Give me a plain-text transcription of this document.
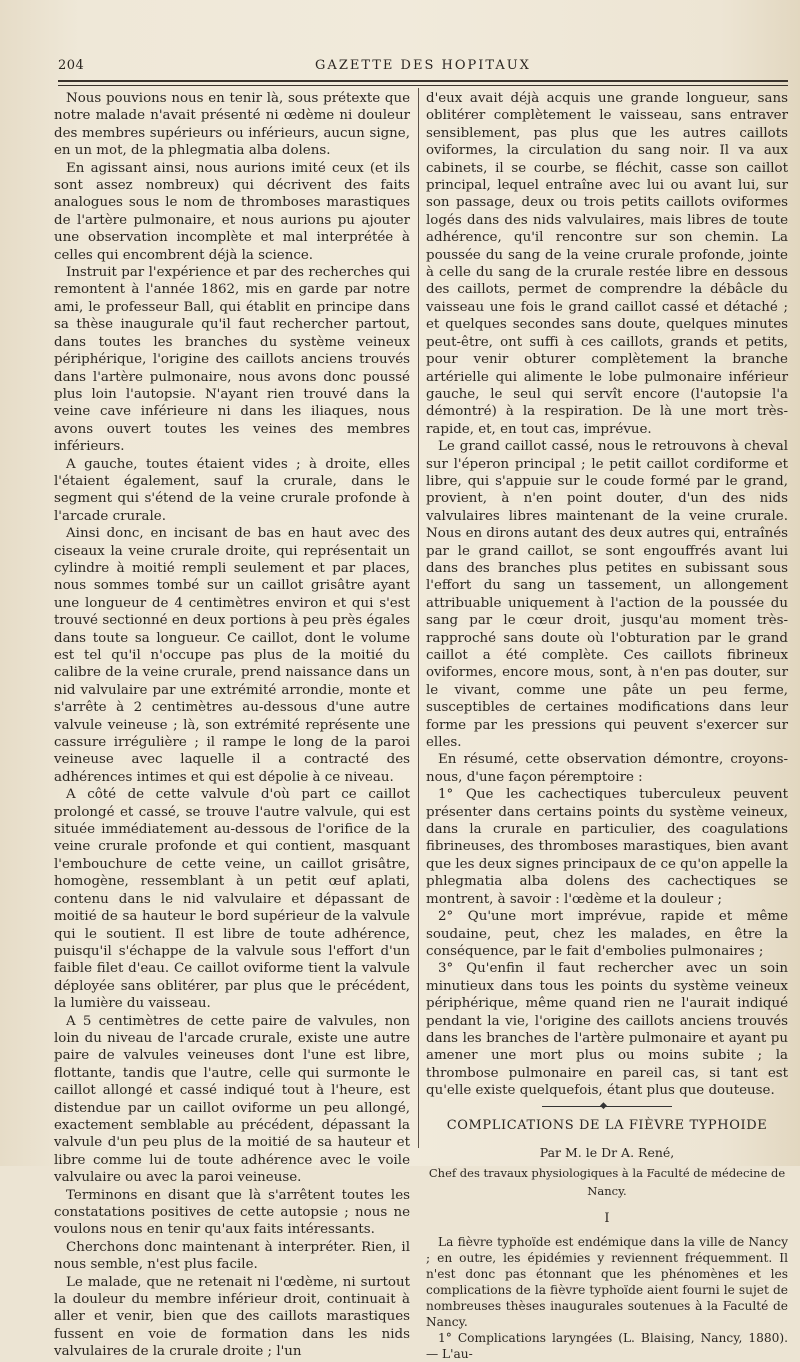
204	GAZETTE DES HOPITAUX

Nous pouvions nous en tenir là, sous prétexte que notre malade n'avait présenté ni œdème ni douleur des membres supérieurs ou inférieurs, aucun signe, en un mot, de la phlegmatia alba dolens.

En agissant ainsi, nous aurions imité ceux (et ils sont assez nombreux) qui décrivent des faits analogues sous le nom de thromboses marastiques de l'artère pulmonaire, et nous aurions pu ajouter une observation incomplète et mal interprétée à celles qui encombrent déjà la science.

Instruit par l'expérience et par des recherches qui remontent à l'année 1862, mis en garde par notre ami, le professeur Ball, qui établit en principe dans sa thèse inaugurale qu'il faut rechercher partout, dans toutes les branches du système veineux périphérique, l'origine des caillots anciens trouvés dans l'artère pulmonaire, nous avons donc poussé plus loin l'autopsie. N'ayant rien trouvé dans la veine cave inférieure ni dans les iliaques, nous avons ouvert toutes les veines des membres inférieurs.

A gauche, toutes étaient vides ; à droite, elles l'étaient également, sauf la crurale, dans le segment qui s'étend de la veine crurale profonde à l'arcade crurale.

Ainsi donc, en incisant de bas en haut avec des ciseaux la veine crurale droite, qui représentait un cylindre à moitié rempli seulement et par places, nous sommes tombé sur un caillot grisâtre ayant une longueur de 4 centimètres environ et qui s'est trouvé sectionné en deux portions à peu près égales dans toute sa longueur. Ce caillot, dont le volume est tel qu'il n'occupe pas plus de la moitié du calibre de la veine crurale, prend naissance dans un nid valvulaire par une extrémité arrondie, monte et s'arrête à 2 centimètres au-dessous d'une autre valvule veineuse ; là, son extrémité représente une cassure irrégulière ; il rampe le long de la paroi veineuse avec laquelle il a contracté des adhérences intimes et qui est dépolie à ce niveau.

A côté de cette valvule d'où part ce caillot prolongé et cassé, se trouve l'autre valvule, qui est située immédiatement au-dessous de l'orifice de la veine crurale profonde et qui contient, masquant l'embouchure de cette veine, un caillot grisâtre, homogène, ressemblant à un petit œuf aplati, contenu dans le nid valvulaire et dépassant de moitié de sa hauteur le bord supérieur de la valvule qui le soutient. Il est libre de toute adhérence, puisqu'il s'échappe de la valvule sous l'effort d'un faible filet d'eau. Ce caillot oviforme tient la valvule déployée sans oblitérer, par plus que le précédent, la lumière du vaisseau.

A 5 centimètres de cette paire de valvules, non loin du niveau de l'arcade crurale, existe une autre paire de valvules veineuses dont l'une est libre, flottante, tandis que l'autre, celle qui surmonte le caillot allongé et cassé indiqué tout à l'heure, est distendue par un caillot oviforme un peu allongé, exactement semblable au précédent, dépassant la valvule d'un peu plus de la moitié de sa hauteur et libre comme lui de toute adhérence avec le voile valvulaire ou avec la paroi veineuse.

Terminons en disant que là s'arrêtent toutes les constatations positives de cette autopsie ; nous ne voulons nous en tenir qu'aux faits intéressants.

Cherchons donc maintenant à interpréter. Rien, il nous semble, n'est plus facile.

Le malade, que ne retenait ni l'œdème, ni surtout la douleur du membre inférieur droit, continuait à aller et venir, bien que des caillots marastiques fussent en voie de formation dans les nids valvulaires de la crurale droite ; l'un

d'eux avait déjà acquis une grande longueur, sans oblitérer complètement le vaisseau, sans entraver sensiblement, pas plus que les autres caillots oviformes, la circulation du sang noir. Il va aux cabinets, il se courbe, se fléchit, casse son caillot principal, lequel entraîne avec lui ou avant lui, sur son passage, deux ou trois petits caillots oviformes logés dans des nids valvulaires, mais libres de toute adhérence, qu'il rencontre sur son chemin. La poussée du sang de la veine crurale profonde, jointe à celle du sang de la crurale restée libre en dessous des caillots, permet de comprendre la débâcle du vaisseau une fois le grand caillot cassé et détaché ; et quelques secondes sans doute, quelques minutes peut-être, ont suffi à ces caillots, grands et petits, pour venir obturer complètement la branche artérielle qui alimente le lobe pulmonaire inférieur gauche, le seul qui servît encore (l'autopsie l'a démontré) à la respiration. De là une mort très-rapide, et, en tout cas, imprévue.

Le grand caillot cassé, nous le retrouvons à cheval sur l'éperon principal ; le petit caillot cordiforme et libre, qui s'appuie sur le coude formé par le grand, provient, à n'en point douter, d'un des nids valvulaires libres maintenant de la veine crurale. Nous en dirons autant des deux autres qui, entraînés par le grand caillot, se sont engouffrés avant lui dans des branches plus petites en subissant sous l'effort du sang un tassement, un allongement attribuable uniquement à l'action de la poussée du sang par le cœur droit, jusqu'au moment très-rapproché sans doute où l'obturation par le grand caillot a été complète. Ces caillots fibrineux oviformes, encore mous, sont, à n'en pas douter, sur le vivant, comme une pâte un peu ferme, susceptibles de certaines modifications dans leur forme par les pressions qui peuvent s'exercer sur elles.

En résumé, cette observation démontre, croyons-nous, d'une façon péremptoire :

1° Que les cachectiques tuberculeux peuvent présenter dans certains points du système veineux, dans la crurale en particulier, des coagulations fibrineuses, des thromboses marastiques, bien avant que les deux signes principaux de ce qu'on appelle la phlegmatia alba dolens des cachectiques se montrent, à savoir : l'œdème et la douleur ;

2° Qu'une mort imprévue, rapide et même soudaine, peut, chez les malades, en être la conséquence, par le fait d'embolies pulmonaires ;

3° Qu'enfin il faut rechercher avec un soin minutieux dans tous les points du système veineux périphérique, même quand rien ne l'aurait indiqué pendant la vie, l'origine des caillots anciens trouvés dans les branches de l'artère pulmonaire et ayant pu amener une mort plus ou moins subite ; la thrombose pulmonaire en pareil cas, si tant est qu'elle existe quelquefois, étant plus que douteuse.

◆
COMPLICATIONS DE LA FIÈVRE TYPHOIDE
Par M. le Dr A. René,
Chef des travaux physiologiques à la Faculté de médecine de Nancy.
I

La fièvre typhoïde est endémique dans la ville de Nancy ; en outre, les épidémies y reviennent fréquemment. Il n'est donc pas étonnant que les phénomènes et les complications de la fièvre typhoïde aient fourni le sujet de nombreuses thèses inaugurales soutenues à la Faculté de Nancy.

1° Complications laryngées (L. Blaising, Nancy, 1880). — L'au-
